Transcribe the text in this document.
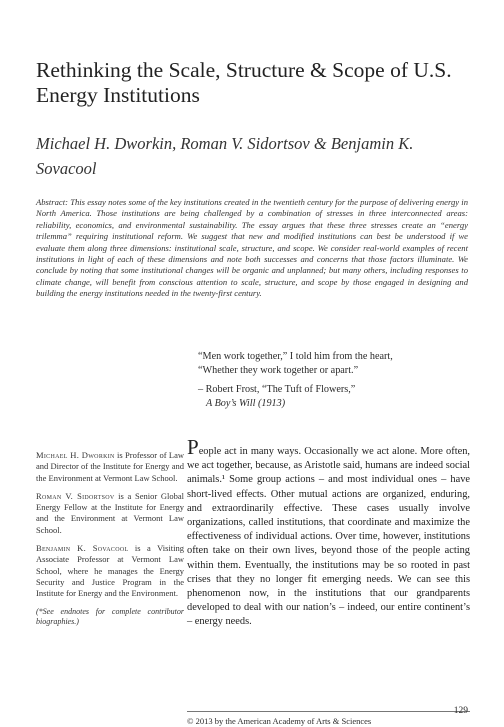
Rethinking the Scale, Structure & Scope of U.S. Energy Institutions

Michael H. Dworkin, Roman V. Sidortsov & Benjamin K. Sovacool

Abstract: This essay notes some of the key institutions created in the twentieth century for the purpose of delivering energy in North America. Those institutions are being challenged by a combination of stresses in three interconnected areas: reliability, economics, and environmental sustainability. The essay argues that these three stresses create an “energy trilemma” requiring institutional reform. We suggest that new and modified institutions can best be understood if we evaluate them along three dimensions: institutional scale, structure, and scope. We consider real-world examples of recent institutions in light of each of these dimensions and note both successes and concerns that those factors illuminate. We conclude by noting that some institutional changes will be organic and unplanned; but many others, including responses to climate change, will benefit from conscious attention to scale, structure, and scope by those engaged in designing and building the energy institutions needed in the twenty-first century.

“Men work together,” I told him from the heart,

“Whether they work together or apart.”

– Robert Frost, “The Tuft of Flowers,”

A Boy’s Will (1913)

Michael H. Dworkin is Professor of Law and Director of the Institute for Energy and the Environment at Vermont Law School.

Roman V. Sidortsov is a Senior Global Energy Fellow at the Institute for Energy and the Environment at Vermont Law School.

Benjamin K. Sovacool is a Visiting Associate Professor at Vermont Law School, where he manages the Energy Security and Justice Program in the Institute for Energy and the Environment.

(*See endnotes for complete contributor biographies.)

People act in many ways. Occasionally we act alone. More often, we act together, because, as Aristotle said, humans are indeed social animals.¹ Some group actions – and most individual ones – have short-lived effects. Other mutual actions are organized, enduring, and extraordinarily effective. These cases usually involve organizations, called institutions, that coordinate and maximize the effectiveness of individual actions. Over time, however, institutions often take on their own lives, beyond those of the people acting within them. Eventually, the institutions may be so rooted in past crises that they no longer fit emerging needs. We can see this phenomenon now, in the institutions that our grandparents developed to deal with our nation’s – indeed, our entire continent’s – energy needs.

© 2013 by the American Academy of Arts & Sciences
129
